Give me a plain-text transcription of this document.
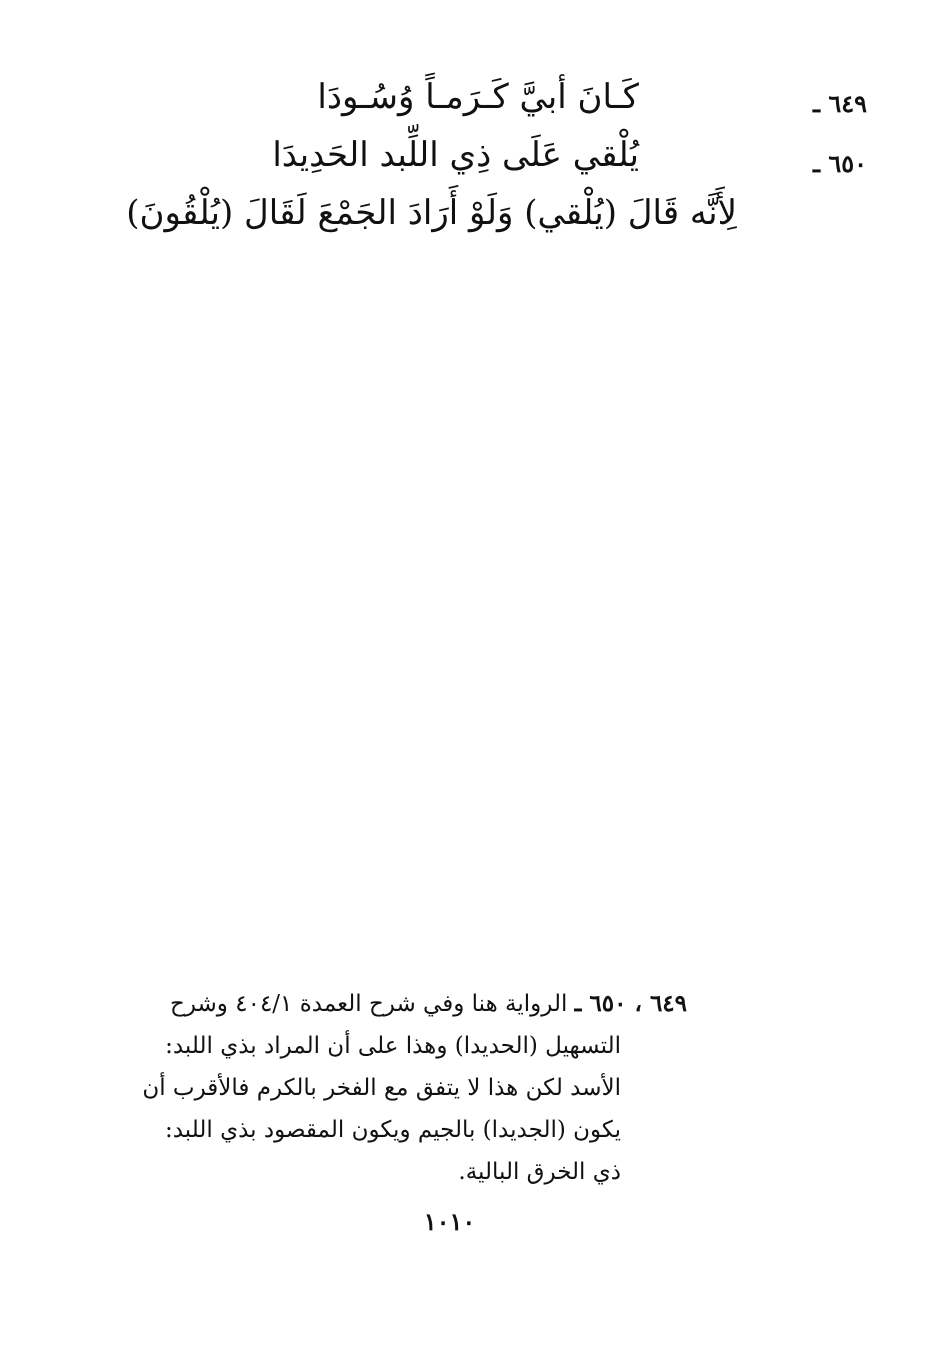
٦٤٩ ـ
كَـانَ أبيَّ كَـرَمـاً وُسُـودَا
٦٥٠ ـ
يُلْقي عَلَى ذِي اللِّبد الحَدِيدَا
لِأَنَّه قَالَ (يُلْقي) وَلَوْ أَرَادَ الجَمْعَ لَقَالَ (يُلْقُونَ)
٦٤٩ ، ٦٥٠ ـ الرواية هنا وفي شرح العمدة ٤٠٤/١ وشرح
التسهيل (الحديدا) وهذا على أن المراد بذي اللبد:
الأسد لكن هذا لا يتفق مع الفخر بالكرم فالأقرب أن
يكون (الجديدا) بالجيم ويكون المقصود بذي اللبد:
ذي الخرق البالية.
١٠١٠
